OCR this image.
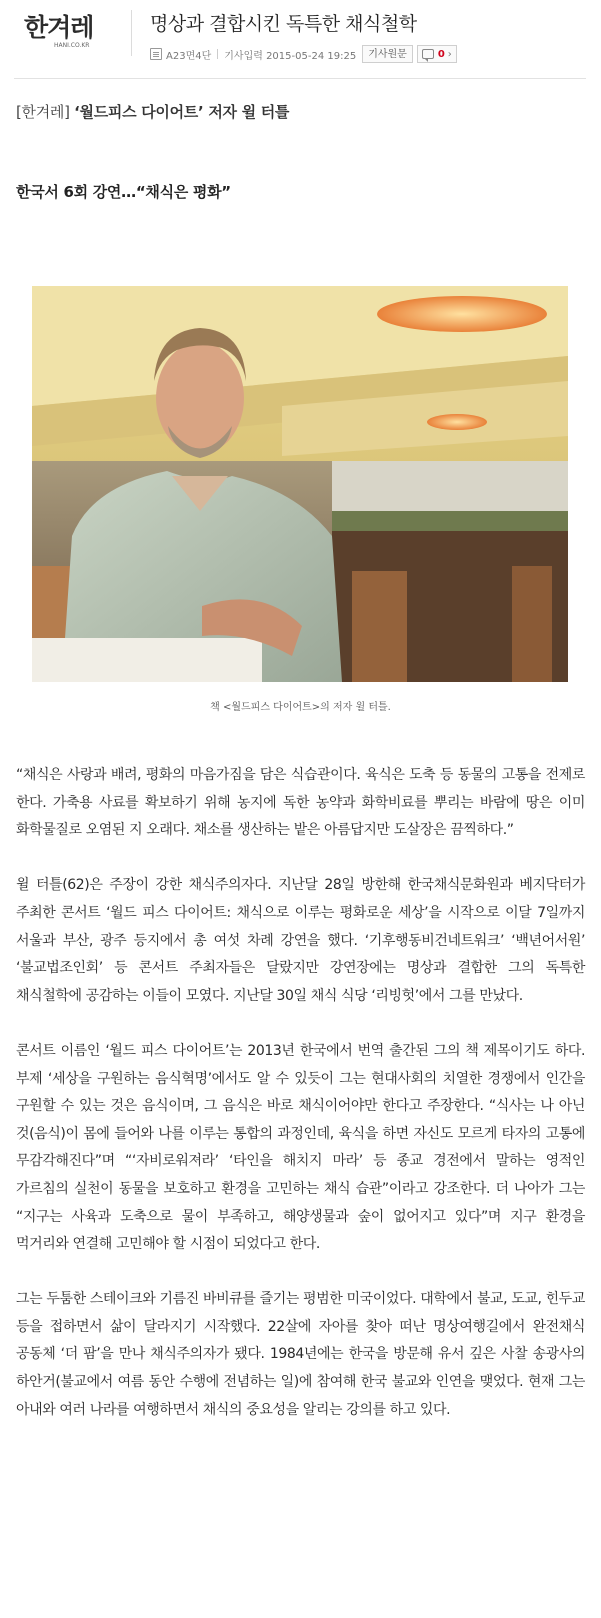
한겨레
HANI.CO.KR
명상과 결합시킨 독특한 채식철학
A23면4단 기사입력 2015-05-24 19:25	기사원문	0 ›
[한겨레] ‘월드피스 다이어트’ 저자 윌 터틀
한국서 6회 강연…“채식은 평화”
책 <월드피스 다이어트>의 저자 윌 터틀.

“채식은 사랑과 배려, 평화의 마음가짐을 담은 식습관이다. 육식은 도축 등 동물의 고통을 전제로 한다. 가축용 사료를 확보하기 위해 농지에 독한 농약과 화학비료를 뿌리는 바람에 땅은 이미 화학물질로 오염된 지 오래다. 채소를 생산하는 밭은 아름답지만 도살장은 끔찍하다.”

윌 터틀(62)은 주장이 강한 채식주의자다. 지난달 28일 방한해 한국채식문화원과 베지닥터가 주최한 콘서트 ‘월드 피스 다이어트: 채식으로 이루는 평화로운 세상’을 시작으로 이달 7일까지 서울과 부산, 광주 등지에서 총 여섯 차례 강연을 했다. ‘기후행동비건네트워크’ ‘백년어서원’ ‘불교법조인회’ 등 콘서트 주최자들은 달랐지만 강연장에는 명상과 결합한 그의 독특한 채식철학에 공감하는 이들이 모였다. 지난달 30일 채식 식당 ‘리빙헛’에서 그를 만났다.

콘서트 이름인 ‘월드 피스 다이어트’는 2013년 한국에서 번역 출간된 그의 책 제목이기도 하다. 부제 ‘세상을 구원하는 음식혁명’에서도 알 수 있듯이 그는 현대사회의 치열한 경쟁에서 인간을 구원할 수 있는 것은 음식이며, 그 음식은 바로 채식이어야만 한다고 주장한다. “식사는 나 아닌 것(음식)이 몸에 들어와 나를 이루는 통합의 과정인데, 육식을 하면 자신도 모르게 타자의 고통에 무감각해진다”며 “‘자비로워져라’ ‘타인을 해치지 마라’ 등 종교 경전에서 말하는 영적인 가르침의 실천이 동물을 보호하고 환경을 고민하는 채식 습관”이라고 강조한다. 더 나아가 그는 “지구는 사육과 도축으로 물이 부족하고, 해양생물과 숲이 없어지고 있다”며 지구 환경을 먹거리와 연결해 고민해야 할 시점이 되었다고 한다.

그는 두툼한 스테이크와 기름진 바비큐를 즐기는 평범한 미국이었다. 대학에서 불교, 도교, 힌두교 등을 접하면서 삶이 달라지기 시작했다. 22살에 자아를 찾아 떠난 명상여행길에서 완전채식 공동체 ‘더 팜’을 만나 채식주의자가 됐다. 1984년에는 한국을 방문해 유서 깊은 사찰 송광사의 하안거(불교에서 여름 동안 수행에 전념하는 일)에 참여해 한국 불교와 인연을 맺었다. 현재 그는 아내와 여러 나라를 여행하면서 채식의 중요성을 알리는 강의를 하고 있다.
